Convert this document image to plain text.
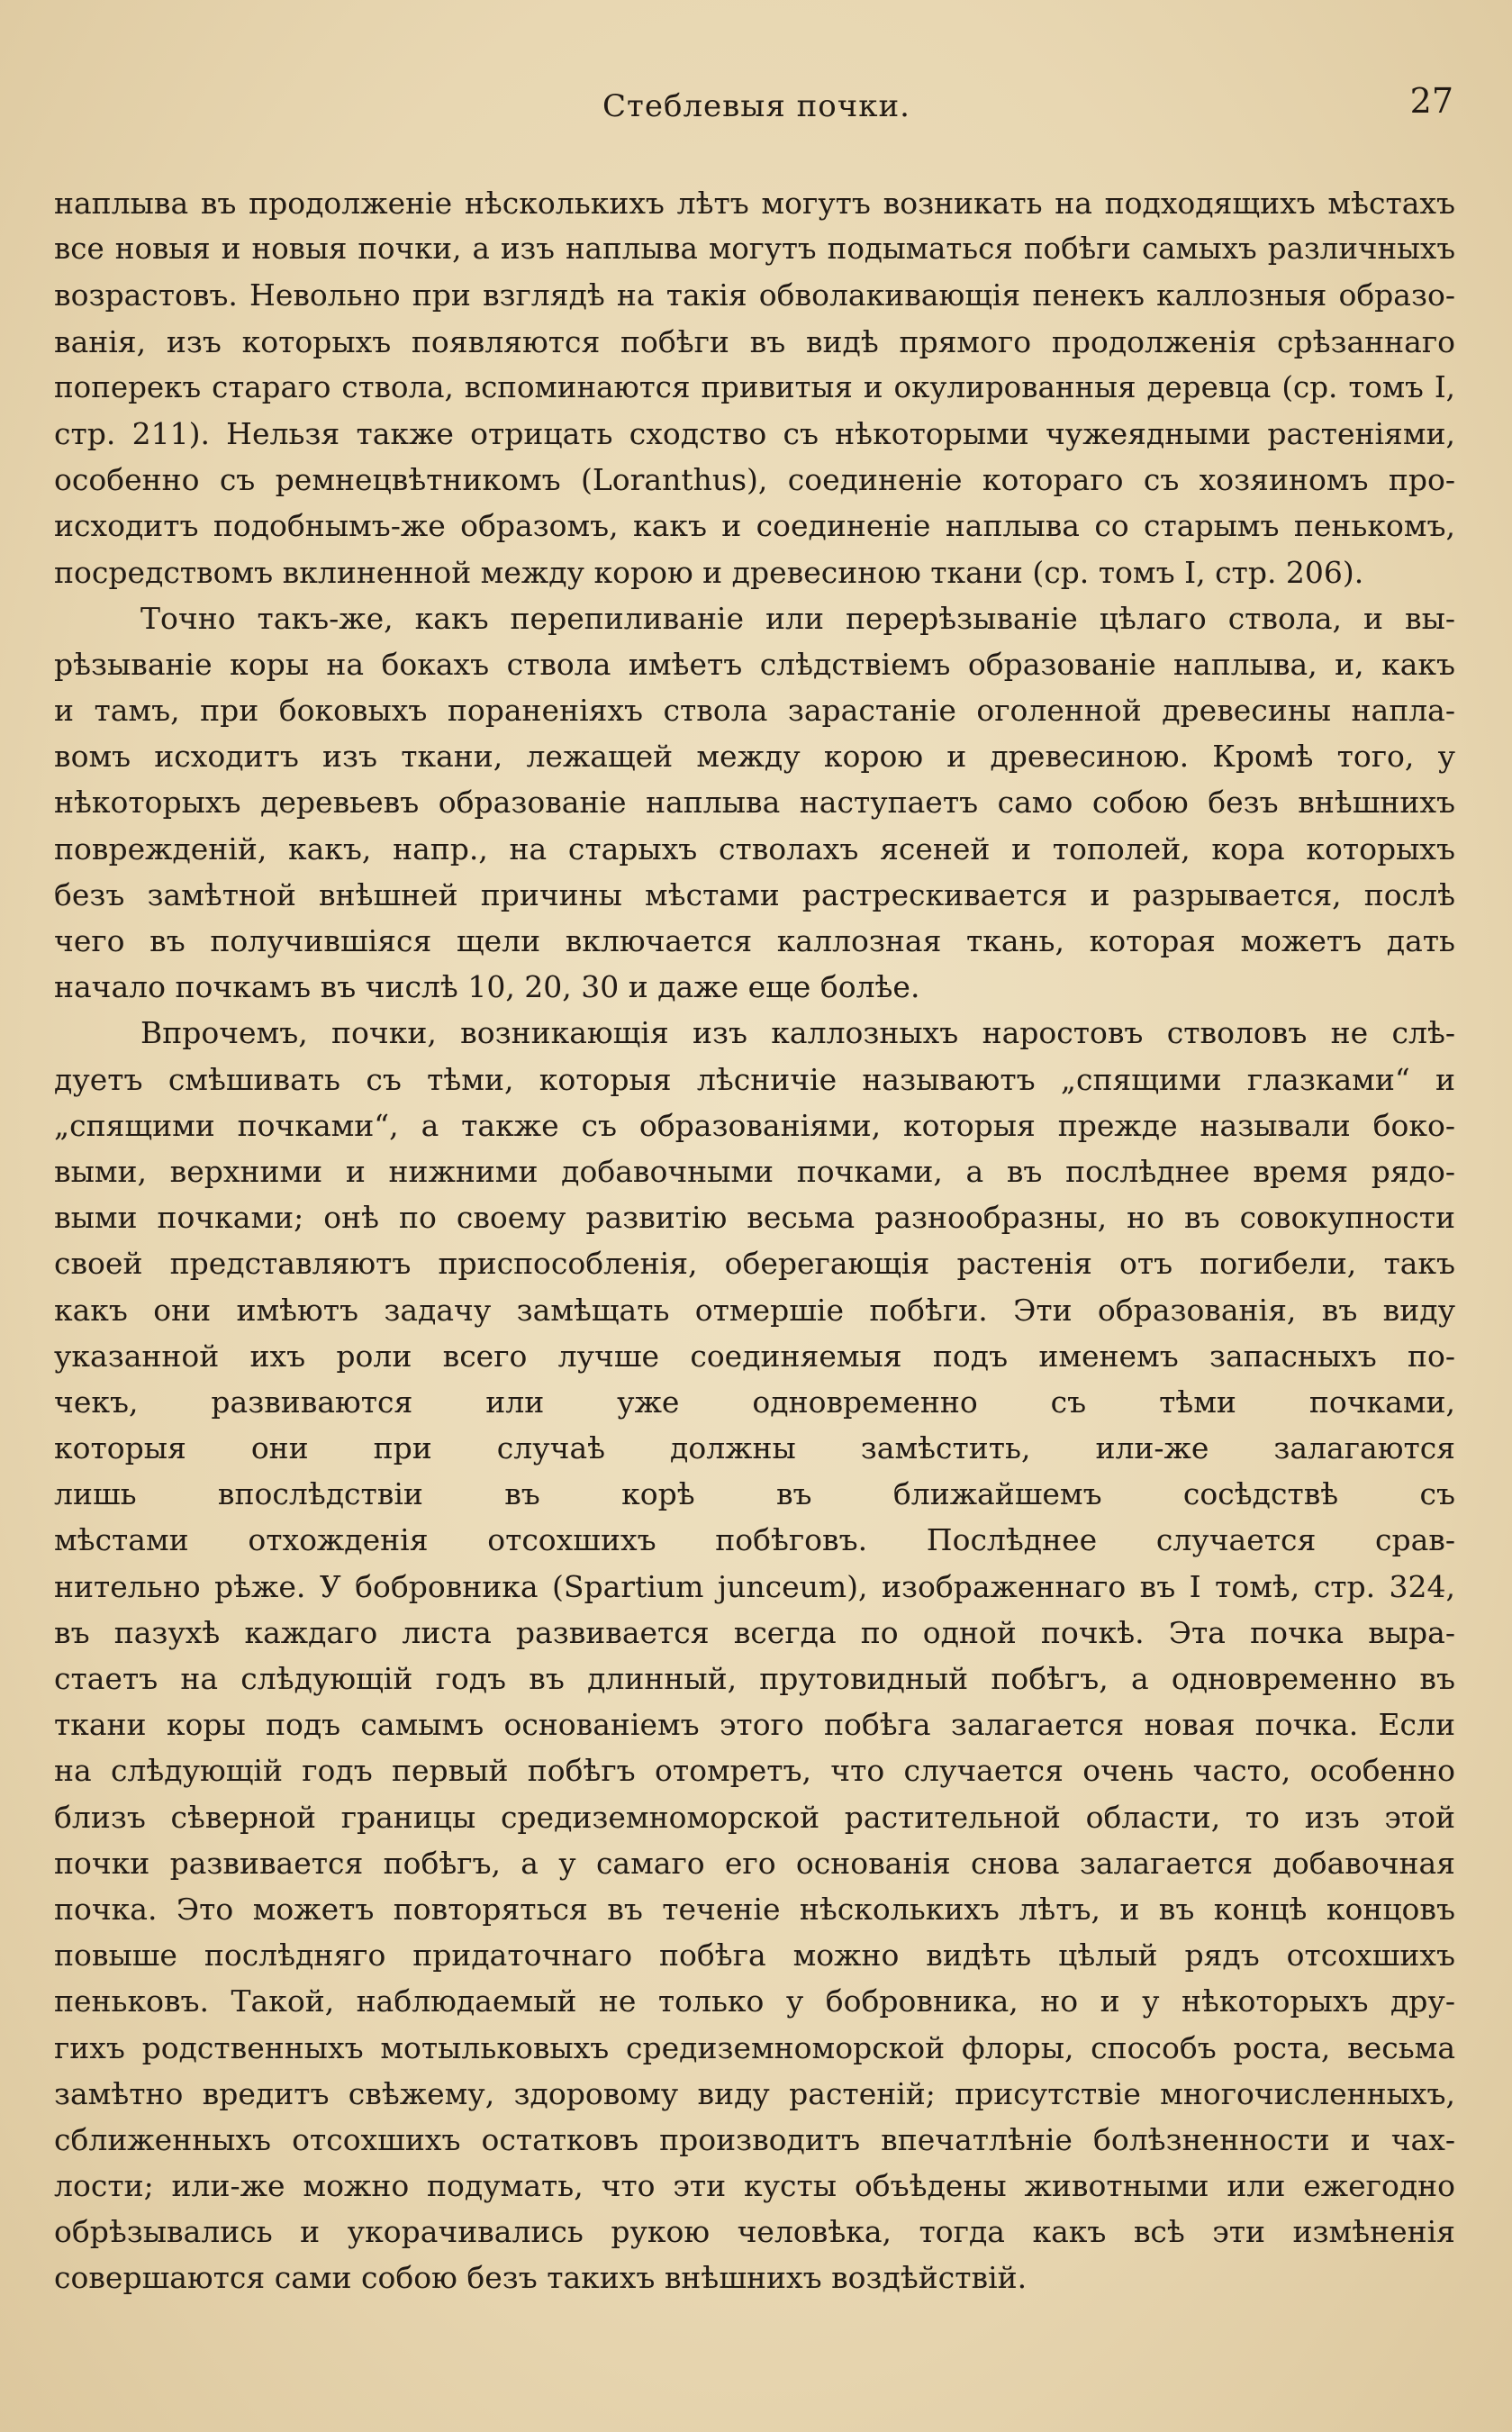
Стеблевыя почки.	27
наплыва въ продолженіе нѣсколькихъ лѣтъ могутъ возникать на подходящихъ мѣстахъ
все новыя и новыя почки, а изъ наплыва могутъ подыматься побѣги самыхъ различныхъ
возрастовъ. Невольно при взглядѣ на такія обволакивающія пенекъ каллозныя образо-
ванія, изъ которыхъ появляются побѣги въ видѣ прямого продолженія срѣзаннаго
поперекъ стараго ствола, вспоминаются привитыя и окулированныя деревца (ср. томъ I,
стр. 211). Нельзя также отрицать сходство съ нѣкоторыми чужеядными растеніями,
особенно съ ремнецвѣтникомъ (Loranthus), соединеніе котораго съ хозяиномъ про-
исходитъ подобнымъ-же образомъ, какъ и соединеніе наплыва со старымъ пенькомъ,
посредствомъ вклиненной между корою и древесиною ткани (ср. томъ I, стр. 206).
Точно такъ-же, какъ перепиливаніе или перерѣзываніе цѣлаго ствола, и вы-
рѣзываніе коры на бокахъ ствола имѣетъ слѣдствіемъ образованіе наплыва, и, какъ
и тамъ, при боковыхъ пораненіяхъ ствола зарастаніе оголенной древесины напла-
вомъ исходитъ изъ ткани, лежащей между корою и древесиною. Кромѣ того, у
нѣкоторыхъ деревьевъ образованіе наплыва наступаетъ само собою безъ внѣшнихъ
поврежденій, какъ, напр., на старыхъ стволахъ ясеней и тополей, кора которыхъ
безъ замѣтной внѣшней причины мѣстами растрескивается и разрывается, послѣ
чего въ получившіяся щели включается каллозная ткань, которая можетъ дать
начало почкамъ въ числѣ 10, 20, 30 и даже еще болѣе.
Впрочемъ, почки, возникающія изъ каллозныхъ наростовъ стволовъ не слѣ-
дуетъ смѣшивать съ тѣми, которыя лѣсничіе называютъ „спящими глазками“ и
„спящими почками“, а также съ образованіями, которыя прежде называли боко-
выми, верхними и нижними добавочными почками, а въ послѣднее время рядо-
выми почками; онѣ по своему развитію весьма разнообразны, но въ совокупности
своей представляютъ приспособленія, оберегающія растенія отъ погибели, такъ
какъ они имѣютъ задачу замѣщать отмершіе побѣги. Эти образованія, въ виду
указанной ихъ роли всего лучше соединяемыя подъ именемъ запасныхъ по-
чекъ, развиваются или уже одновременно съ тѣми почками,
которыя они при случаѣ должны замѣстить, или-же залагаются
лишь впослѣдствіи въ корѣ въ ближайшемъ сосѣдствѣ съ
мѣстами отхожденія отсохшихъ побѣговъ. Послѣднее случается срав-
нительно рѣже. У бобровника (Spartium junceum), изображеннаго въ I томѣ, стр. 324,
въ пазухѣ каждаго листа развивается всегда по одной почкѣ. Эта почка выра-
стаетъ на слѣдующій годъ въ длинный, прутовидный побѣгъ, а одновременно въ
ткани коры подъ самымъ основаніемъ этого побѣга залагается новая почка. Если
на слѣдующій годъ первый побѣгъ отомретъ, что случается очень часто, особенно
близъ сѣверной границы средиземноморской растительной области, то изъ этой
почки развивается побѣгъ, а у самаго его основанія снова залагается добавочная
почка. Это можетъ повторяться въ теченіе нѣсколькихъ лѣтъ, и въ концѣ концовъ
повыше послѣдняго придаточнаго побѣга можно видѣть цѣлый рядъ отсохшихъ
пеньковъ. Такой, наблюдаемый не только у бобровника, но и у нѣкоторыхъ дру-
гихъ родственныхъ мотыльковыхъ средиземноморской флоры, способъ роста, весьма
замѣтно вредитъ свѣжему, здоровому виду растеній; присутствіе многочисленныхъ,
сближенныхъ отсохшихъ остатковъ производитъ впечатлѣніе болѣзненности и чах-
лости; или-же можно подумать, что эти кусты объѣдены животными или ежегодно
обрѣзывались и укорачивались рукою человѣка, тогда какъ всѣ эти измѣненія
совершаются сами собою безъ такихъ внѣшнихъ воздѣйствій.
